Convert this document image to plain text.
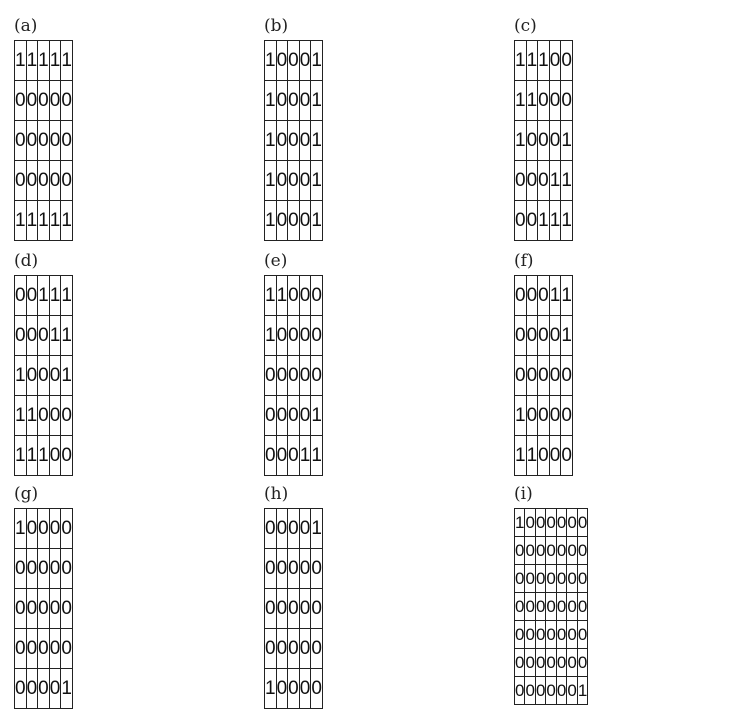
(a)
1	1	1	1	1
0	0	0	0	0
0	0	0	0	0
0	0	0	0	0
1	1	1	1	1
(b)
1	0	0	0	1
1	0	0	0	1
1	0	0	0	1
1	0	0	0	1
1	0	0	0	1
(c)
1	1	1	0	0
1	1	0	0	0
1	0	0	0	1
0	0	0	1	1
0	0	1	1	1
(d)
0	0	1	1	1
0	0	0	1	1
1	0	0	0	1
1	1	0	0	0
1	1	1	0	0
(e)
1	1	0	0	0
1	0	0	0	0
0	0	0	0	0
0	0	0	0	1
0	0	0	1	1
(f)
0	0	0	1	1
0	0	0	0	1
0	0	0	0	0
1	0	0	0	0
1	1	0	0	0
(g)
1	0	0	0	0
0	0	0	0	0
0	0	0	0	0
0	0	0	0	0
0	0	0	0	1
(h)
0	0	0	0	1
0	0	0	0	0
0	0	0	0	0
0	0	0	0	0
1	0	0	0	0
(i)
1	0	0	0	0	0	0
0	0	0	0	0	0	0
0	0	0	0	0	0	0
0	0	0	0	0	0	0
0	0	0	0	0	0	0
0	0	0	0	0	0	0
0	0	0	0	0	0	1
